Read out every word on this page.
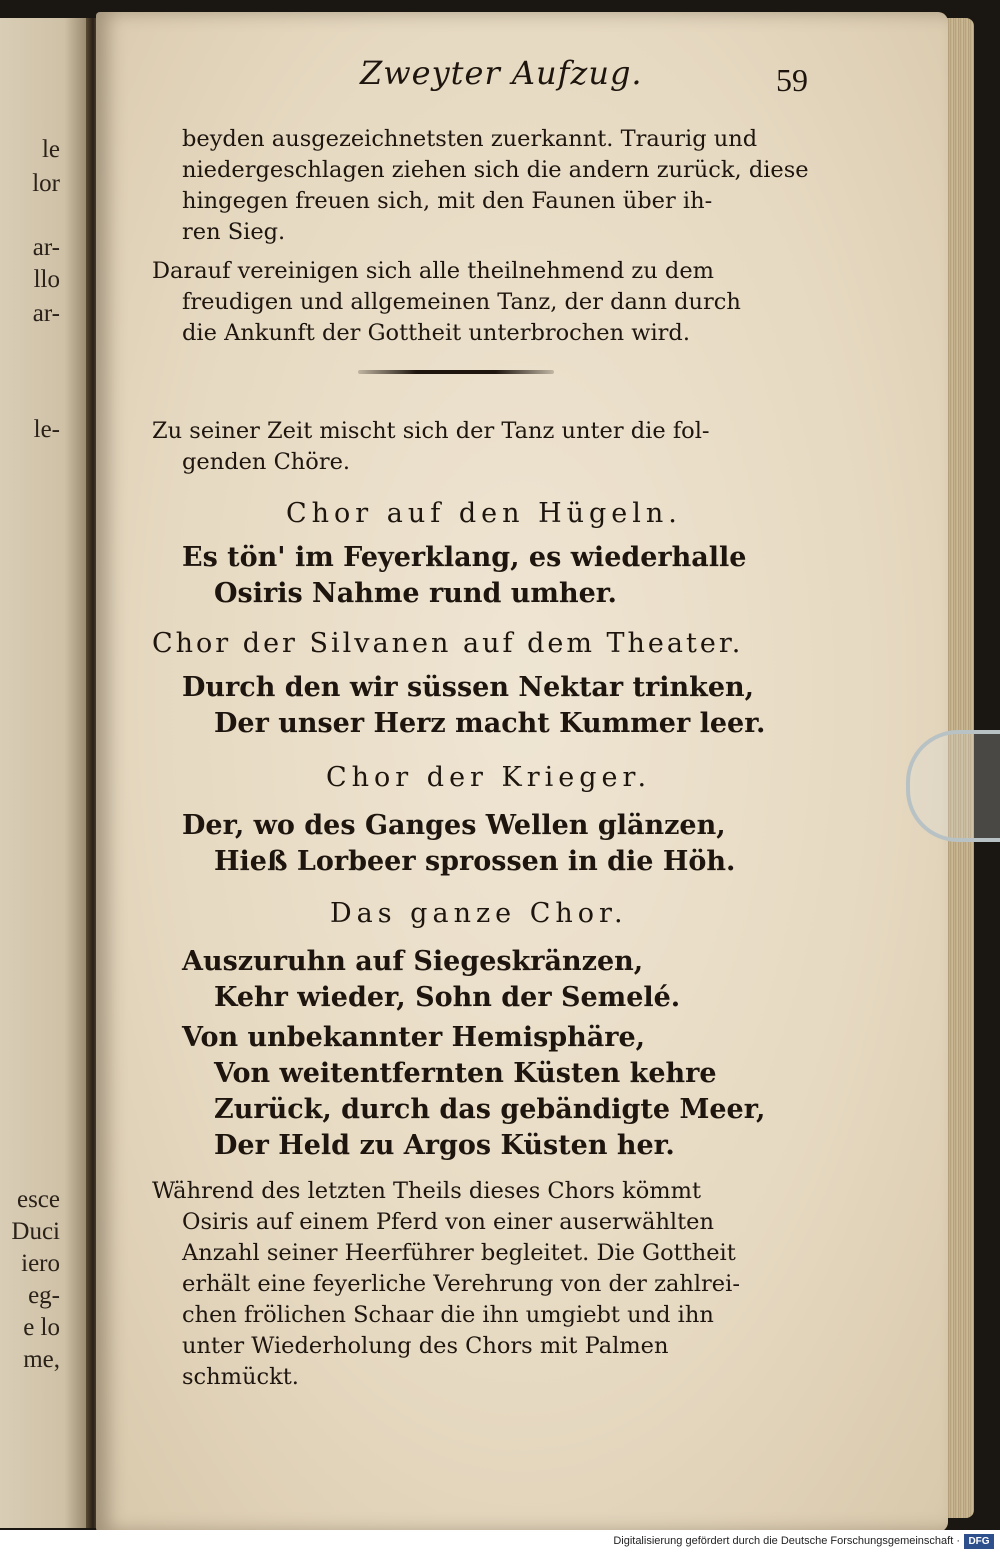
le
lor
ar-
llo
ar-
le-
esce
Duci
iero
eg-
e lo
me,
Zweyter Aufzug.	59
beyden ausgezeichnetsten zuerkannt. Traurig und
niedergeschlagen ziehen sich die andern zurück, diese
hingegen freuen sich, mit den Faunen über ih-
ren Sieg.
Darauf vereinigen sich alle theilnehmend zu dem
freudigen und allgemeinen Tanz, der dann durch
die Ankunft der Gottheit unterbrochen wird.
Zu seiner Zeit mischt sich der Tanz unter die fol-
genden Chöre.
Chor auf den Hügeln.
Es tön' im Feyerklang, es wiederhalle
Osiris Nahme rund umher.
Chor der Silvanen auf dem Theater.
Durch den wir süssen Nektar trinken,
Der unser Herz macht Kummer leer.
Chor der Krieger.
Der, wo des Ganges Wellen glänzen,
Hieß Lorbeer sprossen in die Höh.
Das ganze Chor.
Auszuruhn auf Siegeskränzen,
Kehr wieder, Sohn der Semelé.
Von unbekannter Hemisphäre,
Von weitentfernten Küsten kehre
Zurück, durch das gebändigte Meer,
Der Held zu Argos Küsten her.
Während des letzten Theils dieses Chors kömmt
Osiris auf einem Pferd von einer auserwählten
Anzahl seiner Heerführer begleitet. Die Gottheit
erhält eine feyerliche Verehrung von der zahlrei-
chen frölichen Schaar die ihn umgiebt und ihn
unter Wiederholung des Chors mit Palmen
schmückt.
Digitalisierung gefördert durch die Deutsche Forschungsgemeinschaft · DFG
